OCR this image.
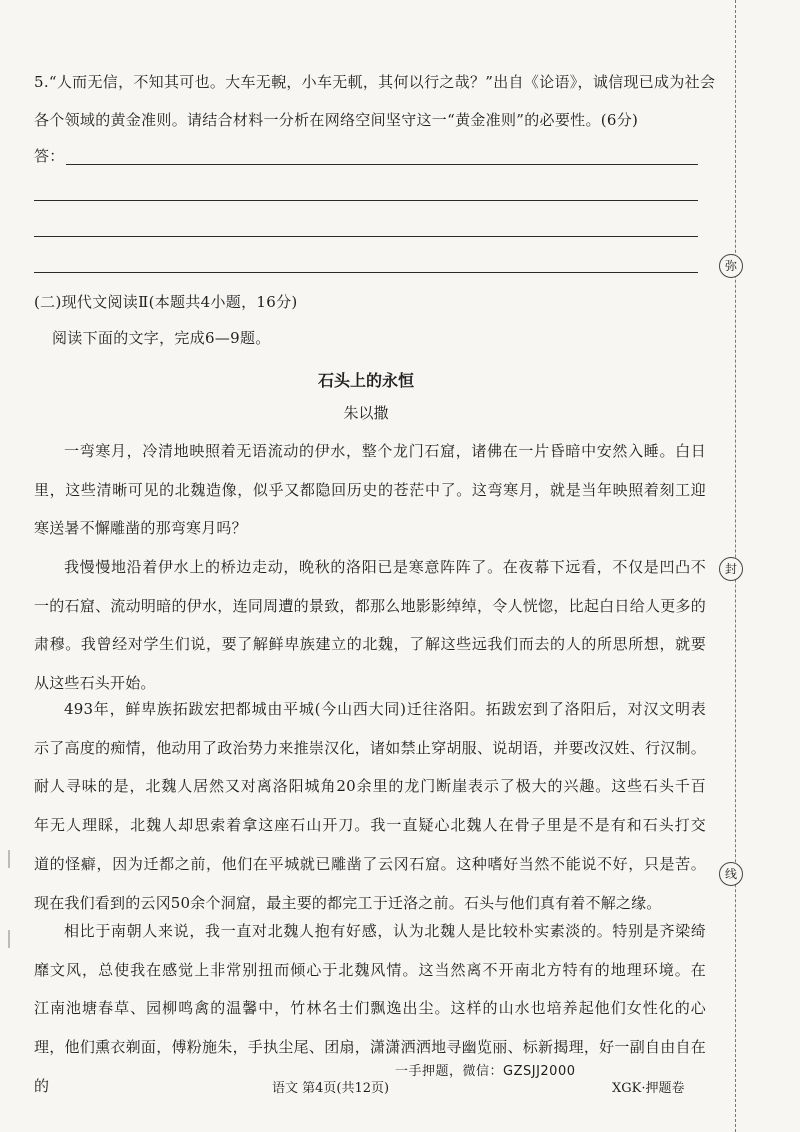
5.“人而无信，不知其可也。大车无輗，小车无軏，其何以行之哉？”出自《论语》，诚信现已成为社会
各个领域的黄金准则。请结合材料一分析在网络空间坚守这一“黄金准则”的必要性。(6分)
答：
(二)现代文阅读Ⅱ(本题共4小题，16分)
阅读下面的文字，完成6—9题。
石头上的永恒
朱以撒

一弯寒月，冷清地映照着无语流动的伊水，整个龙门石窟，诸佛在一片昏暗中安然入睡。白日

里，这些清晰可见的北魏造像，似乎又都隐回历史的苍茫中了。这弯寒月，就是当年映照着刻工迎

寒送暑不懈雕凿的那弯寒月吗？

我慢慢地沿着伊水上的桥边走动，晚秋的洛阳已是寒意阵阵了。在夜幕下远看，不仅是凹凸不

一的石窟、流动明暗的伊水，连同周遭的景致，都那么地影影绰绰，令人恍惚，比起白日给人更多的

肃穆。我曾经对学生们说，要了解鲜卑族建立的北魏，了解这些远我们而去的人的所思所想，就要

从这些石头开始。

493年，鲜卑族拓跋宏把都城由平城(今山西大同)迁往洛阳。拓跋宏到了洛阳后，对汉文明表

示了高度的痴情，他动用了政治势力来推崇汉化，诸如禁止穿胡服、说胡语，并要改汉姓、行汉制。

耐人寻味的是，北魏人居然又对离洛阳城角20余里的龙门断崖表示了极大的兴趣。这些石头千百

年无人理睬，北魏人却思索着拿这座石山开刀。我一直疑心北魏人在骨子里是不是有和石头打交

道的怪癖，因为迁都之前，他们在平城就已雕凿了云冈石窟。这种嗜好当然不能说不好，只是苦。

现在我们看到的云冈50余个洞窟，最主要的都完工于迁洛之前。石头与他们真有着不解之缘。

相比于南朝人来说，我一直对北魏人抱有好感，认为北魏人是比较朴实素淡的。特别是齐梁绮

靡文风，总使我在感觉上非常别扭而倾心于北魏风情。这当然离不开南北方特有的地理环境。在

江南池塘春草、园柳鸣禽的温馨中，竹林名士们飘逸出尘。这样的山水也培养起他们女性化的心

理，他们熏衣剃面，傅粉施朱，手执尘尾、团扇，潇潇洒洒地寻幽览丽、标新揭理，好一副自由自在的

弥
封
线
一手押题，微信：GZSJJ2000
语文 第4页(共12页)	XGK·押题卷
